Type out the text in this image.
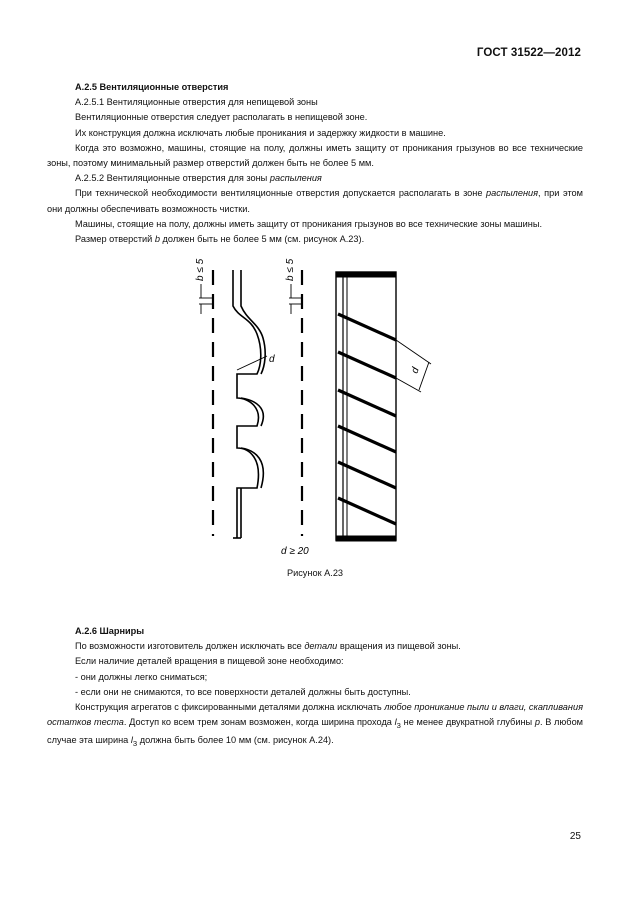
ГОСТ 31522—2012

А.2.5 Вентиляционные отверстия

А.2.5.1 Вентиляционные отверстия для непищевой зоны

Вентиляционные отверстия следует располагать в непищевой зоне.

Их конструкция должна исключать любые проникания и задержку жидкости в машине.

Когда это возможно, машины, стоящие на полу, должны иметь защиту от проникания грызунов во все технические зоны, поэтому минимальный размер отверстий должен быть не более 5 мм.

А.2.5.2 Вентиляционные отверстия для зоны распыления

При технической необходимости вентиляционные отверстия допускается располагать в зоне распыления, при этом они должны обеспечивать возможность чистки.

Машины, стоящие на полу, должны иметь защиту от проникания грызунов во все технические зоны машины.

Размер отверстий b должен быть не более 5 мм (см. рисунок А.23).

b ≤ 5
d
b ≤ 5
d
d ≥ 20
Рисунок А.23

А.2.6 Шарниры

По возможности изготовитель должен исключать все детали вращения из пищевой зоны.

Если наличие деталей вращения в пищевой зоне необходимо:

- они должны легко сниматься;

- если они не снимаются, то все поверхности деталей должны быть доступны.

Конструкция агрегатов с фиксированными деталями должна исключать любое проникание пыли и влаги, скапливания остатков теста. Доступ ко всем трем зонам возможен, когда ширина прохода $l_3$ не менее двукратной глубины p. В любом случае эта ширина $l_3$ должна быть более 10 мм (см. рисунок А.24).

25
